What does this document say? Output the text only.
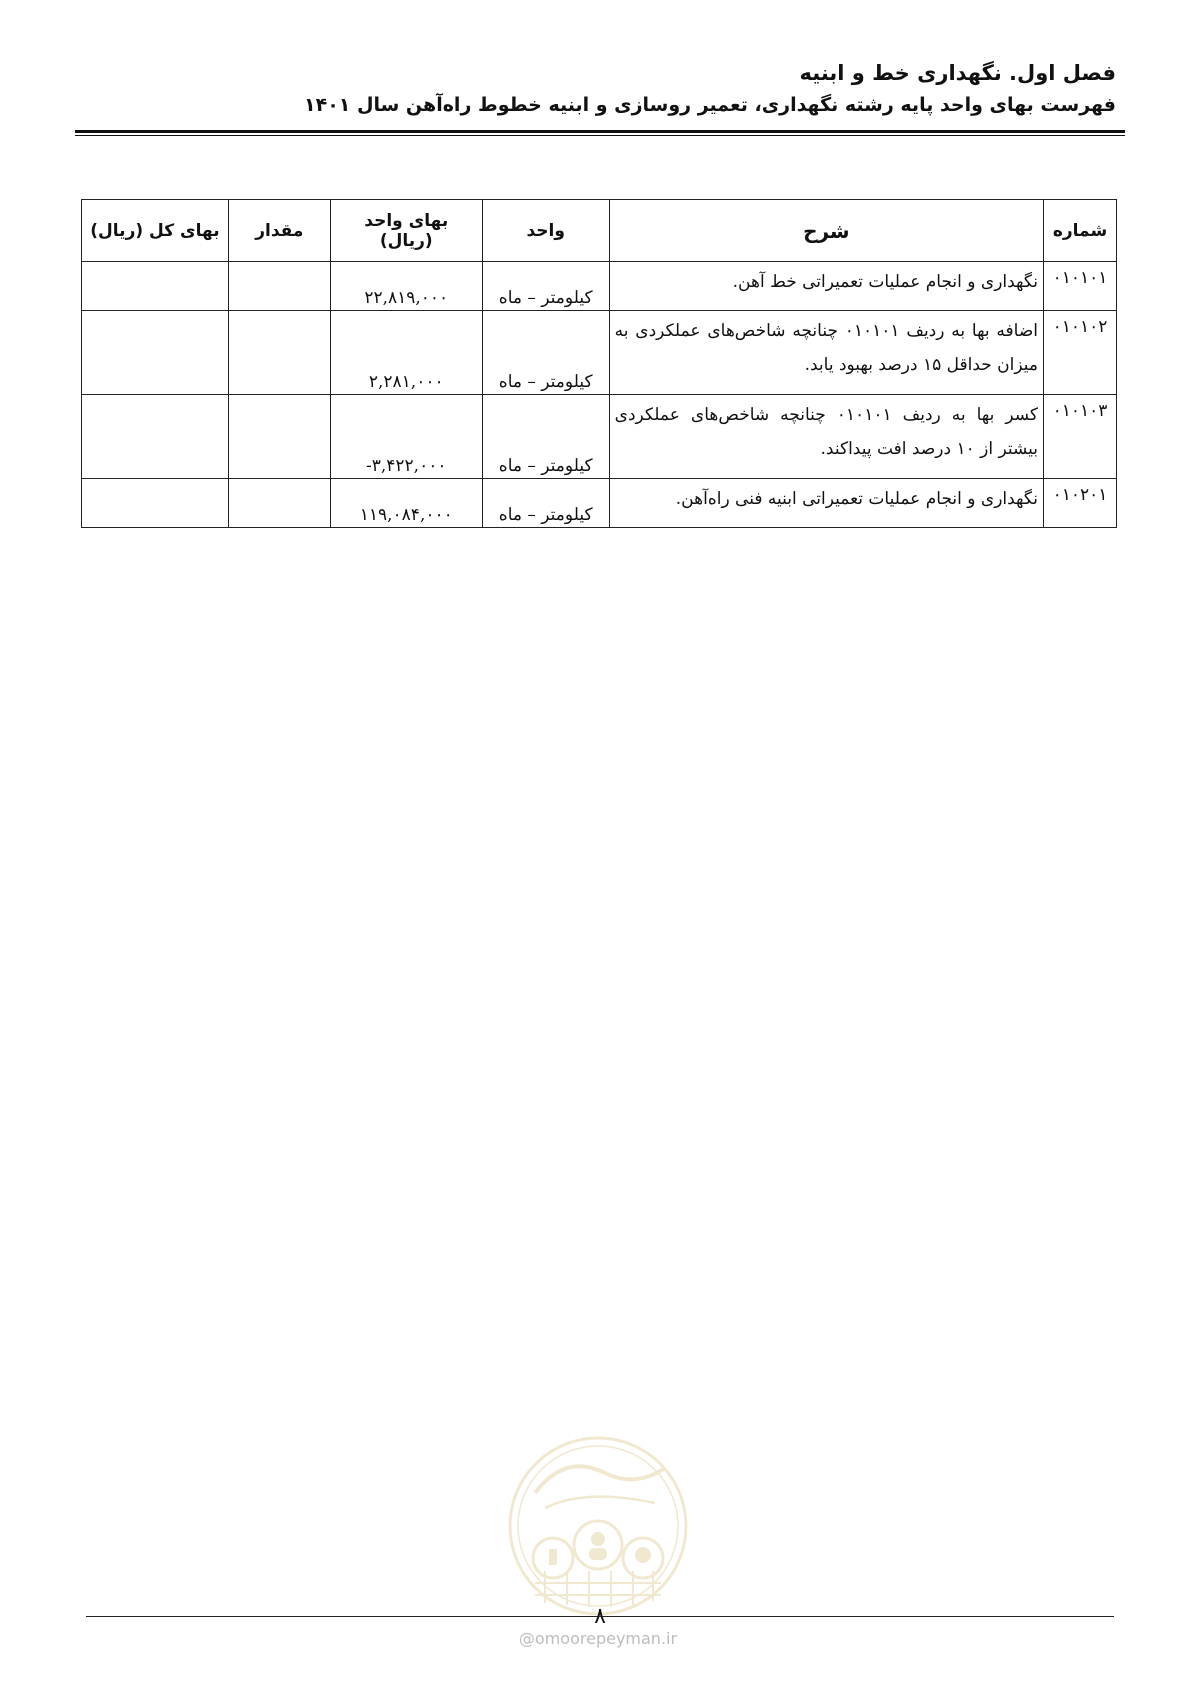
فصل اول. نگهداری خط و ابنیه
فهرست بهای واحد پایه رشته نگهداری، تعمیر روسازی و ابنیه خطوط راه‌آهن سال ۱۴۰۱
شماره	شرح	واحد	بهای واحد (ریال)	مقدار	بهای کل (ریال)
۰۱۰۱۰۱	نگهداری و انجام عملیات تعمیراتی خط آهن.	کیلومتر – ماه	۲۲,۸۱۹,۰۰۰		
۰۱۰۱۰۲	اضافه بها به ردیف ۰۱۰۱۰۱ چنانچه شاخص‌های عملکردی به میزان حداقل ۱۵ درصد بهبود یابد.	کیلومتر – ماه	۲,۲۸۱,۰۰۰		
۰۱۰۱۰۳	کسر بها به ردیف ۰۱۰۱۰۱ چنانچه شاخص‌های عملکردی بیشتر از ۱۰ درصد افت پیداکند.	کیلومتر – ماه	-۳,۴۲۲,۰۰۰		
۰۱۰۲۰۱	نگهداری و انجام عملیات تعمیراتی ابنیه فنی راه‌آهن.	کیلومتر – ماه	۱۱۹,۰۸۴,۰۰۰		
@omoorepeyman.ir
